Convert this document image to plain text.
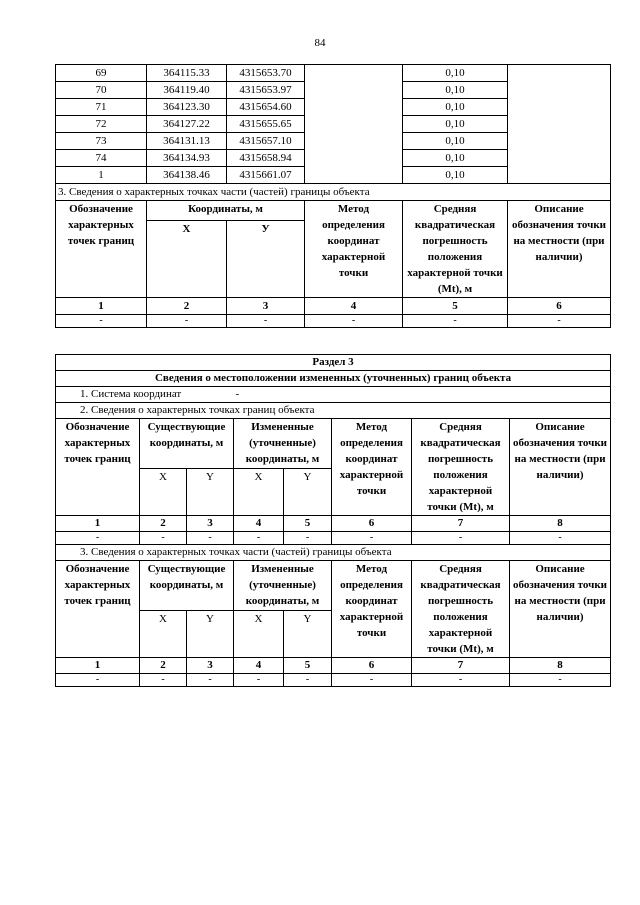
84
69	364115.33	4315653.70		0,10	
70	364119.40	4315653.97		0,10	
71	364123.30	4315654.60		0,10	
72	364127.22	4315655.65		0,10	
73	364131.13	4315657.10		0,10	
74	364134.93	4315658.94		0,10	
1	364138.46	4315661.07		0,10	
3. Сведения о характерных точках части (частей) границы объекта					
Обозначение характерных точек границ	Координаты, м		Метод определения координат характерной точки	Средняя квадратическая погрешность положения характерной точки (Mt), м	Описание обозначения точки на местности (при наличии)
	X	У			
1	2	3	4	5	6
-	-	-	-	-	-
Раздел 3							
Сведения о местоположении измененных (уточненных) границ объекта							
1. Система координат			-				
2. Сведения о характерных точках границ объекта							
Обозначение характерных точек границ	Существующие координаты, м		Измененные (уточненные) координаты, м		Метод определения координат характерной точки	Средняя квадратическая погрешность положения характерной точки (Mt), м	Описание обозначения точки на местности (при наличии)
	X	Y	X	Y			
1	2	3	4	5	6	7	8
-	-	-	-	-	-	-	-
3. Сведения о характерных точках части (частей) границы объекта							
Обозначение характерных точек границ	Существующие координаты, м		Измененные (уточненные) координаты, м		Метод определения координат характерной точки	Средняя квадратическая погрешность положения характерной точки (Mt), м	Описание обозначения точки на местности (при наличии)
	X	Y	X	Y			
1	2	3	4	5	6	7	8
-	-	-	-	-	-	-	-
